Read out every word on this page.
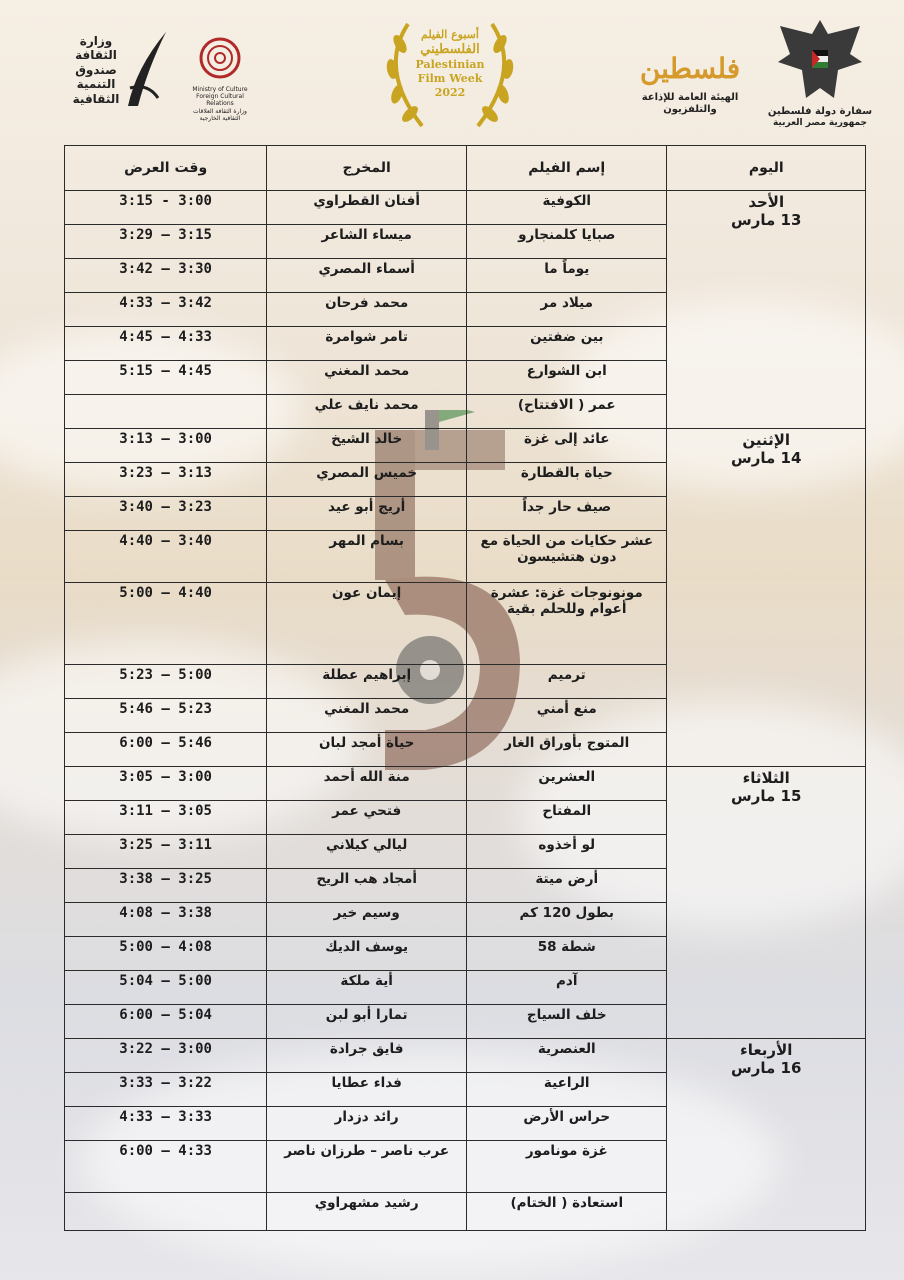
وزارة الثقافة صندوق التنمية الثقافية
Ministry of Culture Foreign Cultural Relations
وزارة الثقافة العلاقات الثقافية الخارجية
أسبوع الفيلم
الفلسطيني
Palestinian
Film Week
2022
فلسطين
الهيئة العامة للإذاعة والتلفزيون	سفارة دولة فلسطين
جمهورية مصر العربية
اليوم	إسم الفيلم	المخرج	وقت العرض
الأحد
13 مارس	الكوفية	أفنان القطراوي	3:15 - 3:00
	صبايا كلمنجارو	ميساء الشاعر	3:29 – 3:15
	يوماً ما	أسماء المصري	3:42 – 3:30
	ميلاد مر	محمد فرحان	4:33 – 3:42
	بين ضفتين	تامر شوامرة	4:45 – 4:33
	ابن الشوارع	محمد المغني	5:15 – 4:45
	عمر ( الافتتاح)	محمد نايف علي	
الإثنين
14 مارس	عائد إلى غزة	خالد الشيخ	3:13 – 3:00
	حياة بالقطارة	خميس المصري	3:23 – 3:13
	صيف حار جداً	أريج أبو عيد	3:40 – 3:23
	عشر حكايات من الحياة مع دون هتشيسون	بسام المهر	4:40 – 3:40
	مونونوجات غزة: عشرة أعوام وللحلم بقية	إيمان عون	5:00 – 4:40
	ترميم	إبراهيم عطلة	5:23 – 5:00
	منع أمني	محمد المغني	5:46 – 5:23
	المتوج بأوراق الغار	حياة أمجد لبان	6:00 – 5:46
الثلاثاء
15 مارس	العشرين	منة الله أحمد	3:05 – 3:00
	المفتاح	فتحي عمر	3:11 – 3:05
	لو أخذوه	ليالي كيلاني	3:25 – 3:11
	أرض ميتة	أمجاد هب الريح	3:38 – 3:25
	بطول 120 كم	وسيم خير	4:08 – 3:38
	شطة 58	يوسف الديك	5:00 – 4:08
	آدم	أية ملكة	5:04 – 5:00
	خلف السياج	تمارا أبو لبن	6:00 – 5:04
الأربعاء
16 مارس	العنصرية	فايق جرادة	3:22 – 3:00
	الراعية	فداء عطايا	3:33 – 3:22
	حراس الأرض	رائد دزدار	4:33 – 3:33
	غزة مونامور	عرب ناصر – طرزان ناصر	6:00 – 4:33
	استعادة ( الختام)	رشيد مشهراوي	
